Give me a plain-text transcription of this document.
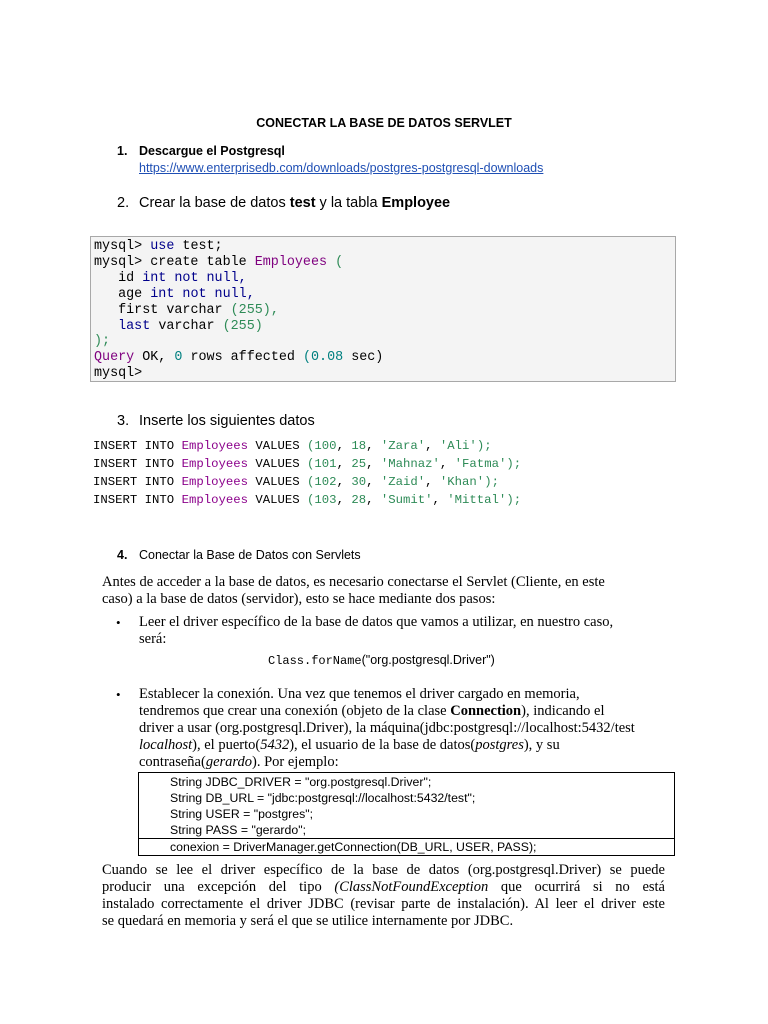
CONECTAR LA BASE DE DATOS SERVLET
1. Descargue el Postgresql
https://www.enterprisedb.com/downloads/postgres-postgresql-downloads
2. Crear la base de datos test y la tabla Employee
mysql> use test;
mysql> create table Employees (
id int not null,
age int not null,
first varchar (255),
last varchar (255)
);
Query OK, 0 rows affected (0.08 sec)
mysql>
3. Inserte los siguientes datos
INSERT INTO Employees VALUES (100, 18, 'Zara', 'Ali');
INSERT INTO Employees VALUES (101, 25, 'Mahnaz', 'Fatma');
INSERT INTO Employees VALUES (102, 30, 'Zaid', 'Khan');
INSERT INTO Employees VALUES (103, 28, 'Sumit', 'Mittal');
4. Conectar la Base de Datos con Servlets
Antes de acceder a la base de datos, es necesario conectarse el Servlet (Cliente, en este
caso) a la base de datos (servidor), esto se hace mediante dos pasos:
• Leer el driver específico de la base de datos que vamos a utilizar, en nuestro caso,
será:
Class.forName("org.postgresql.Driver")
• Establecer la conexión. Una vez que tenemos el driver cargado en memoria,
tendremos que crear una conexión (objeto de la clase Connection), indicando el
driver a usar (org.postgresql.Driver), la máquina(jdbc:postgresql://localhost:5432/test
localhost), el puerto(5432), el usuario de la base de datos(postgres), y su
contraseña(gerardo). Por ejemplo:
String JDBC_DRIVER = "org.postgresql.Driver";
String DB_URL = "jdbc:postgresql://localhost:5432/test";
String USER = "postgres";
String PASS = "gerardo";
conexion = DriverManager.getConnection(DB_URL, USER, PASS);
Cuando se lee el driver específico de la base de datos (org.postgresql.Driver) se puede
producir una excepción del tipo (ClassNotFoundException que ocurrirá si no está
instalado correctamente el driver JDBC (revisar parte de instalación). Al leer el driver este
se quedará en memoria y será el que se utilice internamente por JDBC.
